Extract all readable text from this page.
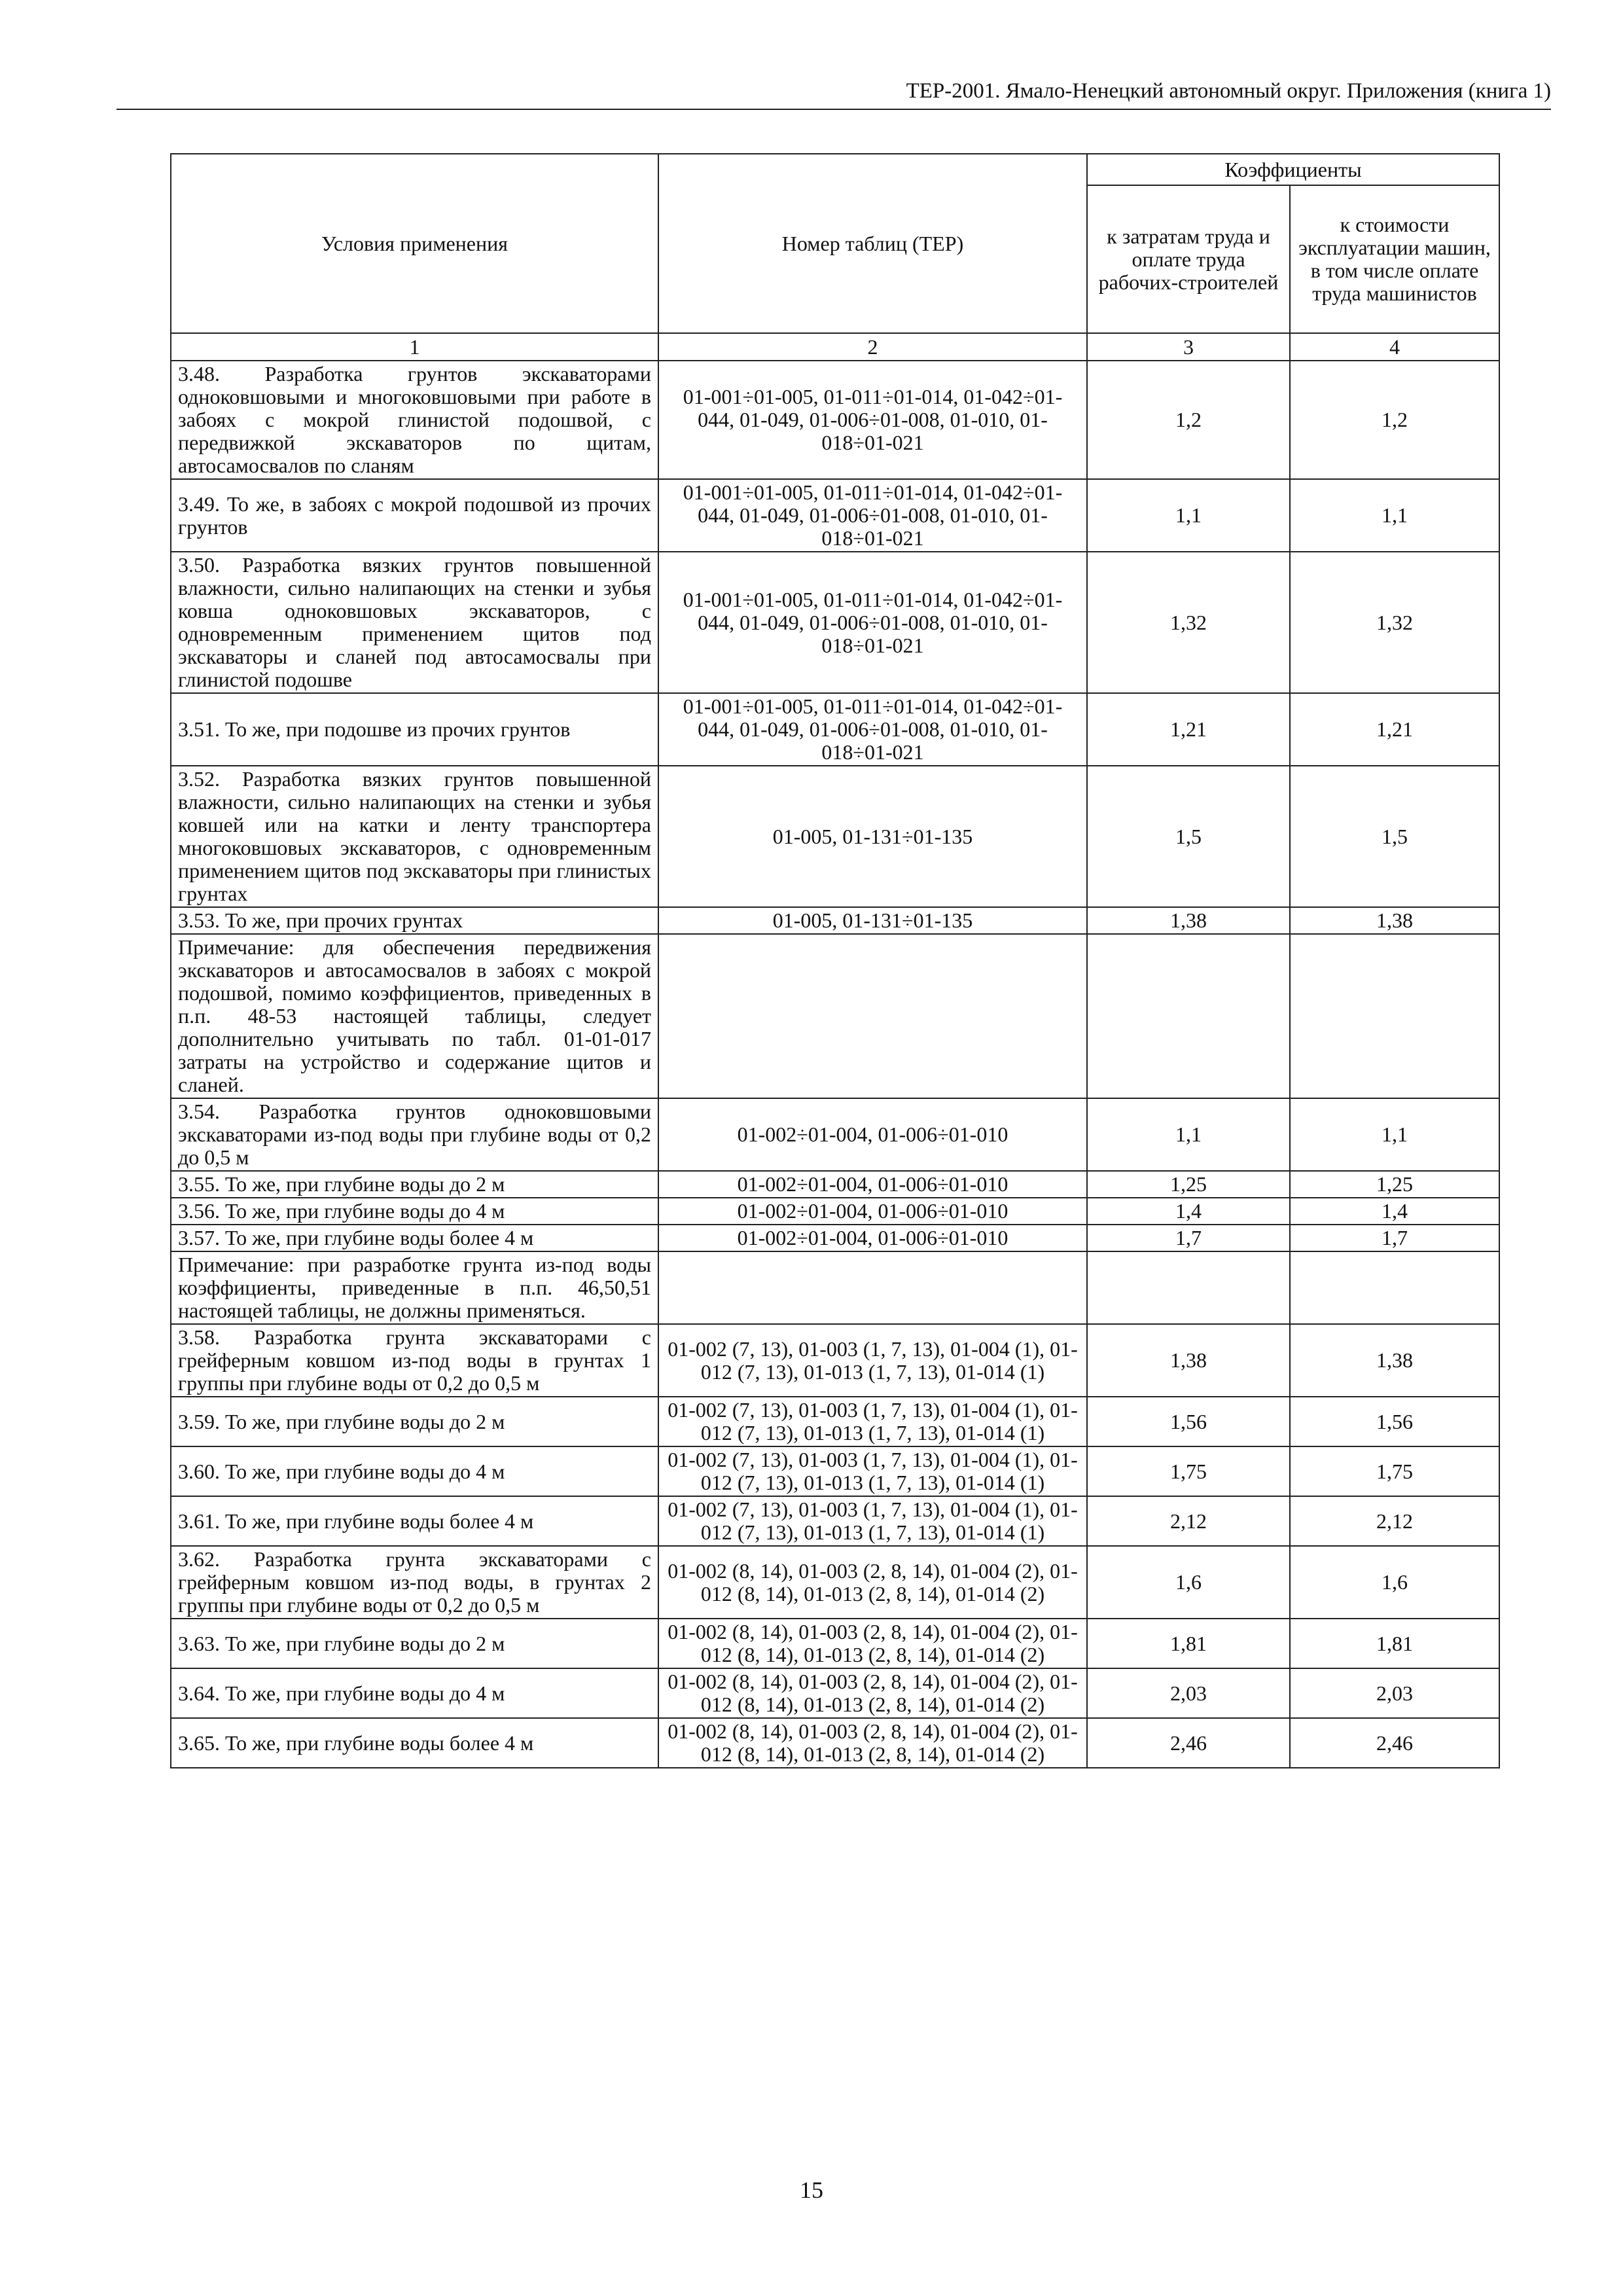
ТЕР-2001. Ямало-Ненецкий автономный округ. Приложения (книга 1)
Условия применения	Номер таблиц (ТЕР)	Коэффициенты	
		к затратам труда и оплате труда рабочих-строителей	к стоимости эксплуатации машин, в том числе оплате труда машинистов
1	2	3	4
3.48. Разработка грунтов экскаваторами одноковшовыми и многоковшовыми при работе в забоях с мокрой глинистой подошвой, с передвижкой экскаваторов по щитам, автосамосвалов по сланям	01-001÷01-005, 01-011÷01-014, 01-042÷01-044, 01-049, 01-006÷01-008, 01-010, 01-018÷01-021	1,2	1,2
3.49. То же, в забоях с мокрой подошвой из прочих грунтов	01-001÷01-005, 01-011÷01-014, 01-042÷01-044, 01-049, 01-006÷01-008, 01-010, 01-018÷01-021	1,1	1,1
3.50. Разработка вязких грунтов повышенной влажности, сильно налипающих на стенки и зубья ковша одноковшовых экскаваторов, с одновременным применением щитов под экскаваторы и сланей под автосамосвалы при глинистой подошве	01-001÷01-005, 01-011÷01-014, 01-042÷01-044, 01-049, 01-006÷01-008, 01-010, 01-018÷01-021	1,32	1,32
3.51. То же, при подошве из прочих грунтов	01-001÷01-005, 01-011÷01-014, 01-042÷01-044, 01-049, 01-006÷01-008, 01-010, 01-018÷01-021	1,21	1,21
3.52. Разработка вязких грунтов повышенной влажности, сильно налипающих на стенки и зубья ковшей или на катки и ленту транспортера многоковшовых экскаваторов, с одновременным применением щитов под экскаваторы при глинистых грунтах	01-005, 01-131÷01-135	1,5	1,5
3.53. То же, при прочих грунтах	01-005, 01-131÷01-135	1,38	1,38
Примечание: для обеспечения передвижения экскаваторов и автосамосвалов в забоях с мокрой подошвой, помимо коэффициентов, приведенных в п.п. 48-53 настоящей таблицы, следует дополнительно учитывать по табл. 01-01-017 затраты на устройство и содержание щитов и сланей.			
3.54. Разработка грунтов одноковшовыми экскаваторами из-под воды при глубине воды от 0,2 до 0,5 м	01-002÷01-004, 01-006÷01-010	1,1	1,1
3.55. То же, при глубине воды до 2 м	01-002÷01-004, 01-006÷01-010	1,25	1,25
3.56. То же, при глубине воды до 4 м	01-002÷01-004, 01-006÷01-010	1,4	1,4
3.57. То же, при глубине воды более 4 м	01-002÷01-004, 01-006÷01-010	1,7	1,7
Примечание: при разработке грунта из-под воды коэффициенты, приведенные в п.п. 46,50,51 настоящей таблицы, не должны применяться.			
3.58. Разработка грунта экскаваторами с грейферным ковшом из-под воды в грунтах 1 группы при глубине воды от 0,2 до 0,5 м	01-002 (7, 13), 01-003 (1, 7, 13), 01-004 (1), 01-012 (7, 13), 01-013 (1, 7, 13), 01-014 (1)	1,38	1,38
3.59. То же, при глубине воды до 2 м	01-002 (7, 13), 01-003 (1, 7, 13), 01-004 (1), 01-012 (7, 13), 01-013 (1, 7, 13), 01-014 (1)	1,56	1,56
3.60. То же, при глубине воды до 4 м	01-002 (7, 13), 01-003 (1, 7, 13), 01-004 (1), 01-012 (7, 13), 01-013 (1, 7, 13), 01-014 (1)	1,75	1,75
3.61. То же, при глубине воды более 4 м	01-002 (7, 13), 01-003 (1, 7, 13), 01-004 (1), 01-012 (7, 13), 01-013 (1, 7, 13), 01-014 (1)	2,12	2,12
3.62. Разработка грунта экскаваторами с грейферным ковшом из-под воды, в грунтах 2 группы при глубине воды от 0,2 до 0,5 м	01-002 (8, 14), 01-003 (2, 8, 14), 01-004 (2), 01-012 (8, 14), 01-013 (2, 8, 14), 01-014 (2)	1,6	1,6
3.63. То же, при глубине воды до 2 м	01-002 (8, 14), 01-003 (2, 8, 14), 01-004 (2), 01-012 (8, 14), 01-013 (2, 8, 14), 01-014 (2)	1,81	1,81
3.64. То же, при глубине воды до 4 м	01-002 (8, 14), 01-003 (2, 8, 14), 01-004 (2), 01-012 (8, 14), 01-013 (2, 8, 14), 01-014 (2)	2,03	2,03
3.65. То же, при глубине воды более 4 м	01-002 (8, 14), 01-003 (2, 8, 14), 01-004 (2), 01-012 (8, 14), 01-013 (2, 8, 14), 01-014 (2)	2,46	2,46
15
